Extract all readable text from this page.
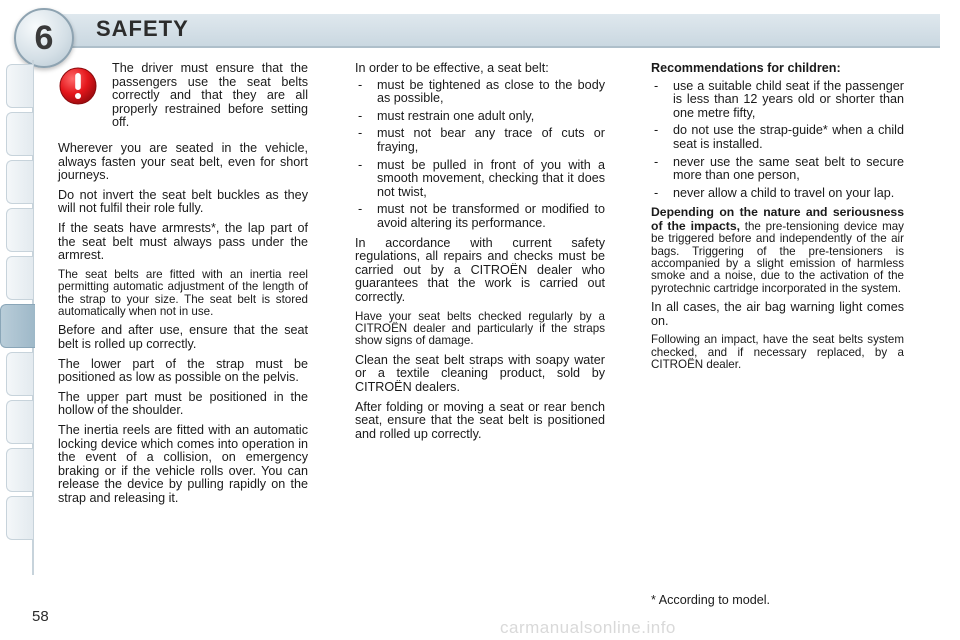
6	SAFETY

The driver must ensure that the passengers use the seat belts correctly and that they are all properly restrained before setting off.

Wherever you are seated in the vehicle, always fasten your seat belt, even for short journeys.

Do not invert the seat belt buckles as they will not fulfil their role fully.

If the seats have armrests*, the lap part of the seat belt must always pass under the armrest.

The seat belts are fitted with an inertia reel permitting automatic adjustment of the length of the strap to your size. The seat belt is stored automatically when not in use.

Before and after use, ensure that the seat belt is rolled up correctly.

The lower part of the strap must be positioned as low as possible on the pelvis.

The upper part must be positioned in the hollow of the shoulder.

The inertia reels are fitted with an automatic locking device which comes into operation in the event of a collision, on emergency braking or if the vehicle rolls over. You can release the device by pulling rapidly on the strap and releasing it.

In order to be effective, a seat belt:

- must be tightened as close to the body as possible,
- must restrain one adult only,
- must not bear any trace of cuts or fraying,
- must be pulled in front of you with a smooth movement, checking that it does not twist,
- must not be transformed or modified to avoid altering its performance.

In accordance with current safety regulations, all repairs and checks must be carried out by a CITROËN dealer who guarantees that the work is carried out correctly.

Have your seat belts checked regularly by a CITROËN dealer and particularly if the straps show signs of damage.

Clean the seat belt straps with soapy water or a textile cleaning product, sold by CITROËN dealers.

After folding or moving a seat or rear bench seat, ensure that the seat belt is positioned and rolled up correctly.

Recommendations for children:

- use a suitable child seat if the passenger is less than 12 years old or shorter than one metre fifty,
- do not use the strap-guide* when a child seat is installed.
- never use the same seat belt to secure more than one person,
- never allow a child to travel on your lap.

Depending on the nature and seriousness of the impacts, the pre-tensioning device may be triggered before and independently of the air bags. Triggering of the pre-tensioners is accompanied by a slight emission of harmless smoke and a noise, due to the activation of the pyrotechnic cartridge incorporated in the system.

In all cases, the air bag warning light comes on.

Following an impact, have the seat belts system checked, and if necessary replaced, by a CITROËN dealer.

* According to model.
58
carmanualsonline.info
